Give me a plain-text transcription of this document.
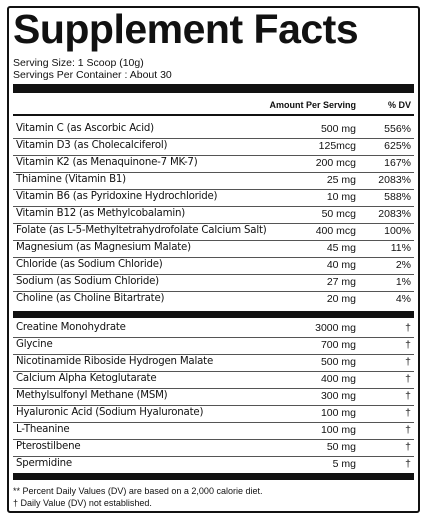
Supplement Facts
Serving Size: 1 Scoop (10g)
Servings Per Container : About 30
Amount Per Serving	% DV
Vitamin C (as Ascorbic Acid)	500 mg	556%
Vitamin D3 (as Cholecalciferol)	125mcg	625%
Vitamin K2 (as Menaquinone-7 MK-7)	200 mcg	167%
Thiamine (Vitamin B1)	25 mg 2083%
Vitamin B6 (as Pyridoxine Hydrochloride)	10 mg	588%
Vitamin B12 (as Methylcobalamin)	50 mcg 2083%
Folate (as L-5-Methyltetrahydrofolate Calcium Salt)	400 mcg	100%
Magnesium (as Magnesium Malate)	45 mg	11%
Chloride (as Sodium Chloride)	40 mg	2%
Sodium (as Sodium Chloride)	27 mg	1%
Choline (as Choline Bitartrate)	20 mg	4%
Creatine Monohydrate	3000 mg	†
Glycine	700 mg	†
Nicotinamide Riboside Hydrogen Malate	500 mg	†
Calcium Alpha Ketoglutarate	400 mg	†
Methylsulfonyl Methane (MSM)	300 mg	†
Hyaluronic Acid (Sodium Hyaluronate)	100 mg	†
L-Theanine	100 mg	†
Pterostilbene	50 mg	†
Spermidine	5 mg	†
** Percent Daily Values (DV) are based on a 2,000 calorie diet.
† Daily Value (DV) not established.
